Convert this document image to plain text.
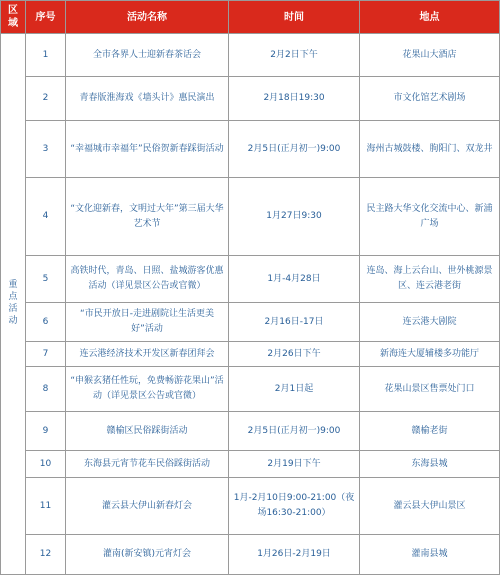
区域	序号	活动名称	时间	地点
重点活动	1	全市各界人士迎新春茶话会	2月2日下午	花果山大酒店
	2	青春版淮海戏《墙头计》惠民演出	2月18日19:30	市文化馆艺术剧场
	3	“幸福城市幸福年”民俗贺新春踩街活动	2月5日(正月初一)9:00	海州古城鼓楼、朐阳门、双龙井
	4	“文化迎新春，文明过大年”第三届大华艺术节	1月27日9:30	民主路大华文化交流中心、新浦广场
	5	高铁时代，青岛、日照、盐城游客优惠活动（详见景区公告或官微）	1月-4月28日	连岛、海上云台山、世外桃源景区、连云港老街
	6	“市民开放日-走进剧院让生活更美好”活动	2月16日-17日	连云港大剧院
	7	连云港经济技术开发区新春团拜会	2月26日下午	新海连大厦辅楼多功能厅
	8	“申猴玄猪任性玩，免费畅游花果山”活动（详见景区公告或官微）	2月1日起	花果山景区售票处门口
	9	赣榆区民俗踩街活动	2月5日(正月初一)9:00	赣榆老街
	10	东海县元宵节花车民俗踩街活动	2月19日下午	东海县城
	11	灌云县大伊山新春灯会	1月-2月10日9:00-21:00（夜场16:30-21:00）	灌云县大伊山景区
	12	灌南(新安镇)元宵灯会	1月26日-2月19日	灌南县城
